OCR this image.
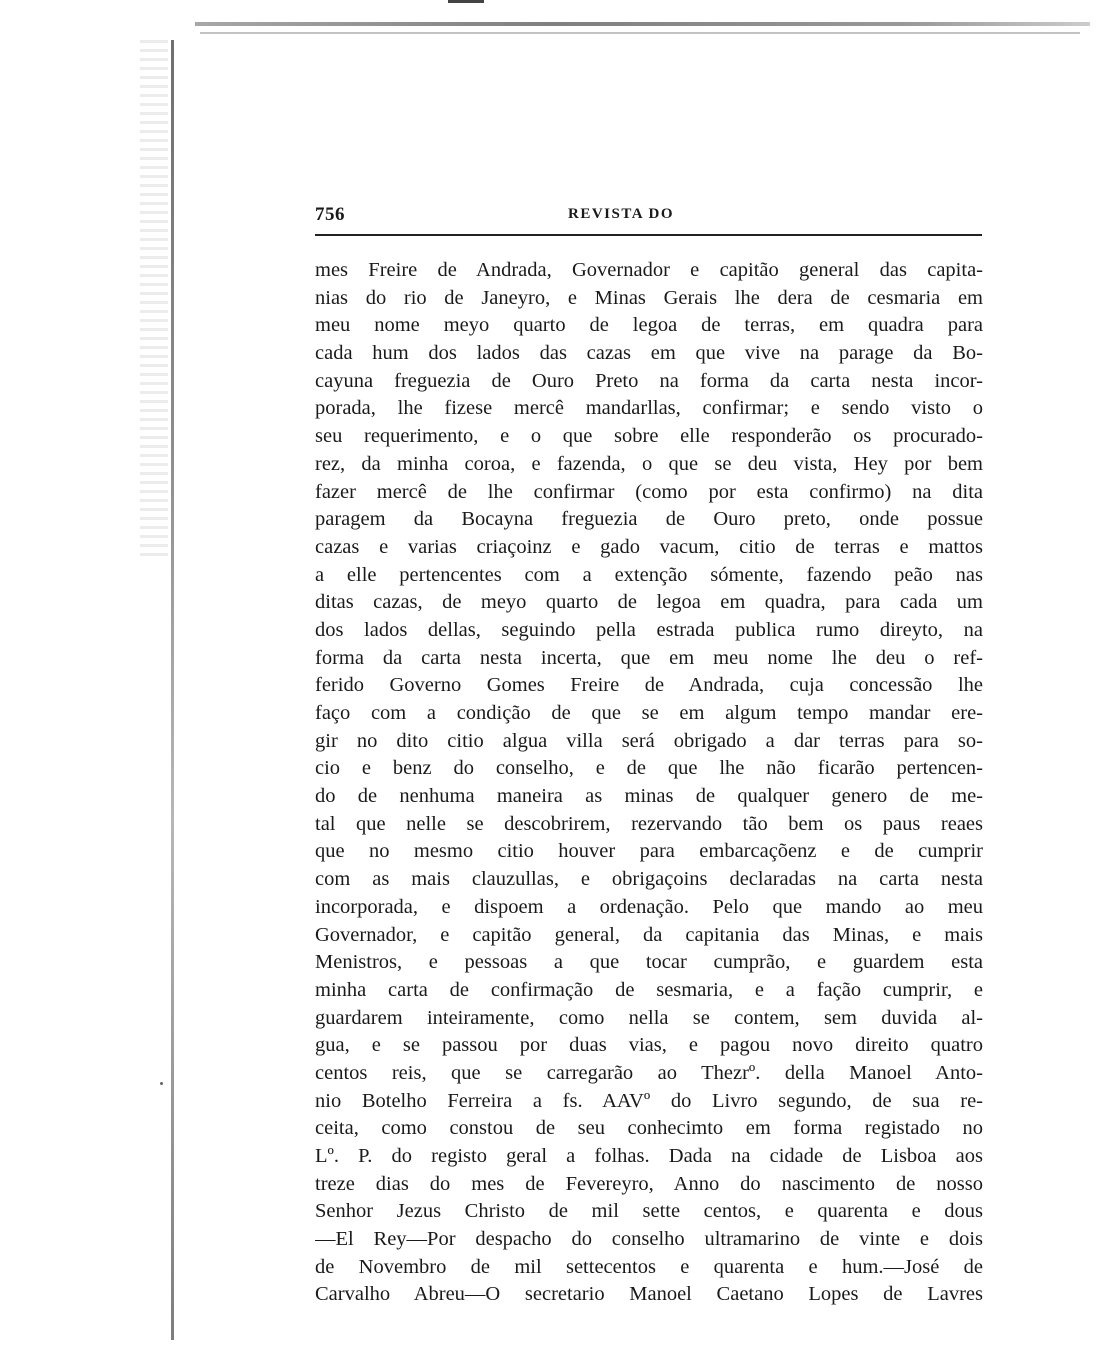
756	REVISTA DO
mes Freire de Andrada, Governador e capitão general das capita-
nias do rio de Janeyro, e Minas Gerais lhe dera de cesmaria em
meu nome meyo quarto de legoa de terras, em quadra para
cada hum dos lados das cazas em que vive na parage da Bo-
cayuna freguezia de Ouro Preto na forma da carta nesta incor-
porada, lhe fizese mercê mandarllas, confirmar; e sendo visto o
seu requerimento, e o que sobre elle responderão os procurado-
rez, da minha coroa, e fazenda, o que se deu vista, Hey por bem
fazer mercê de lhe confirmar (como por esta confirmo) na dita
paragem da Bocayna freguezia de Ouro preto, onde possue
cazas e varias criaçoinz e gado vacum, citio de terras e mattos
a elle pertencentes com a extenção sómente, fazendo peão nas
ditas cazas, de meyo quarto de legoa em quadra, para cada um
dos lados dellas, seguindo pella estrada publica rumo direyto, na
forma da carta nesta incerta, que em meu nome lhe deu o ref-
ferido Governo Gomes Freire de Andrada, cuja concessão lhe
faço com a condição de que se em algum tempo mandar ere-
gir no dito citio algua villa será obrigado a dar terras para so-
cio e benz do conselho, e de que lhe não ficarão pertencen-
do de nenhuma maneira as minas de qualquer genero de me-
tal que nelle se descobrirem, rezervando tão bem os paus reaes
que no mesmo citio houver para embarcaçõenz e de cumprir
com as mais clauzullas, e obrigaçoins declaradas na carta nesta
incorporada, e dispoem a ordenação. Pelo que mando ao meu
Governador, e capitão general, da capitania das Minas, e mais
Menistros, e pessoas a que tocar cumprão, e guardem esta
minha carta de confirmação de sesmaria, e a fação cumprir, e
guardarem inteiramente, como nella se contem, sem duvida al-
gua, e se passou por duas vias, e pagou novo direito quatro
centos reis, que se carregarão ao Thezrº. della Manoel Anto-
nio Botelho Ferreira a fs. AAVº do Livro segundo, de sua re-
ceita, como constou de seu conhecimto em forma registado no
Lº. P. do registo geral a folhas. Dada na cidade de Lisboa aos
treze dias do mes de Fevereyro, Anno do nascimento de nosso
Senhor Jezus Christo de mil sette centos, e quarenta e dous
—El Rey—Por despacho do conselho ultramarino de vinte e dois
de Novembro de mil settecentos e quarenta e hum.—José de
Carvalho Abreu—O secretario Manoel Caetano Lopes de Lavres
